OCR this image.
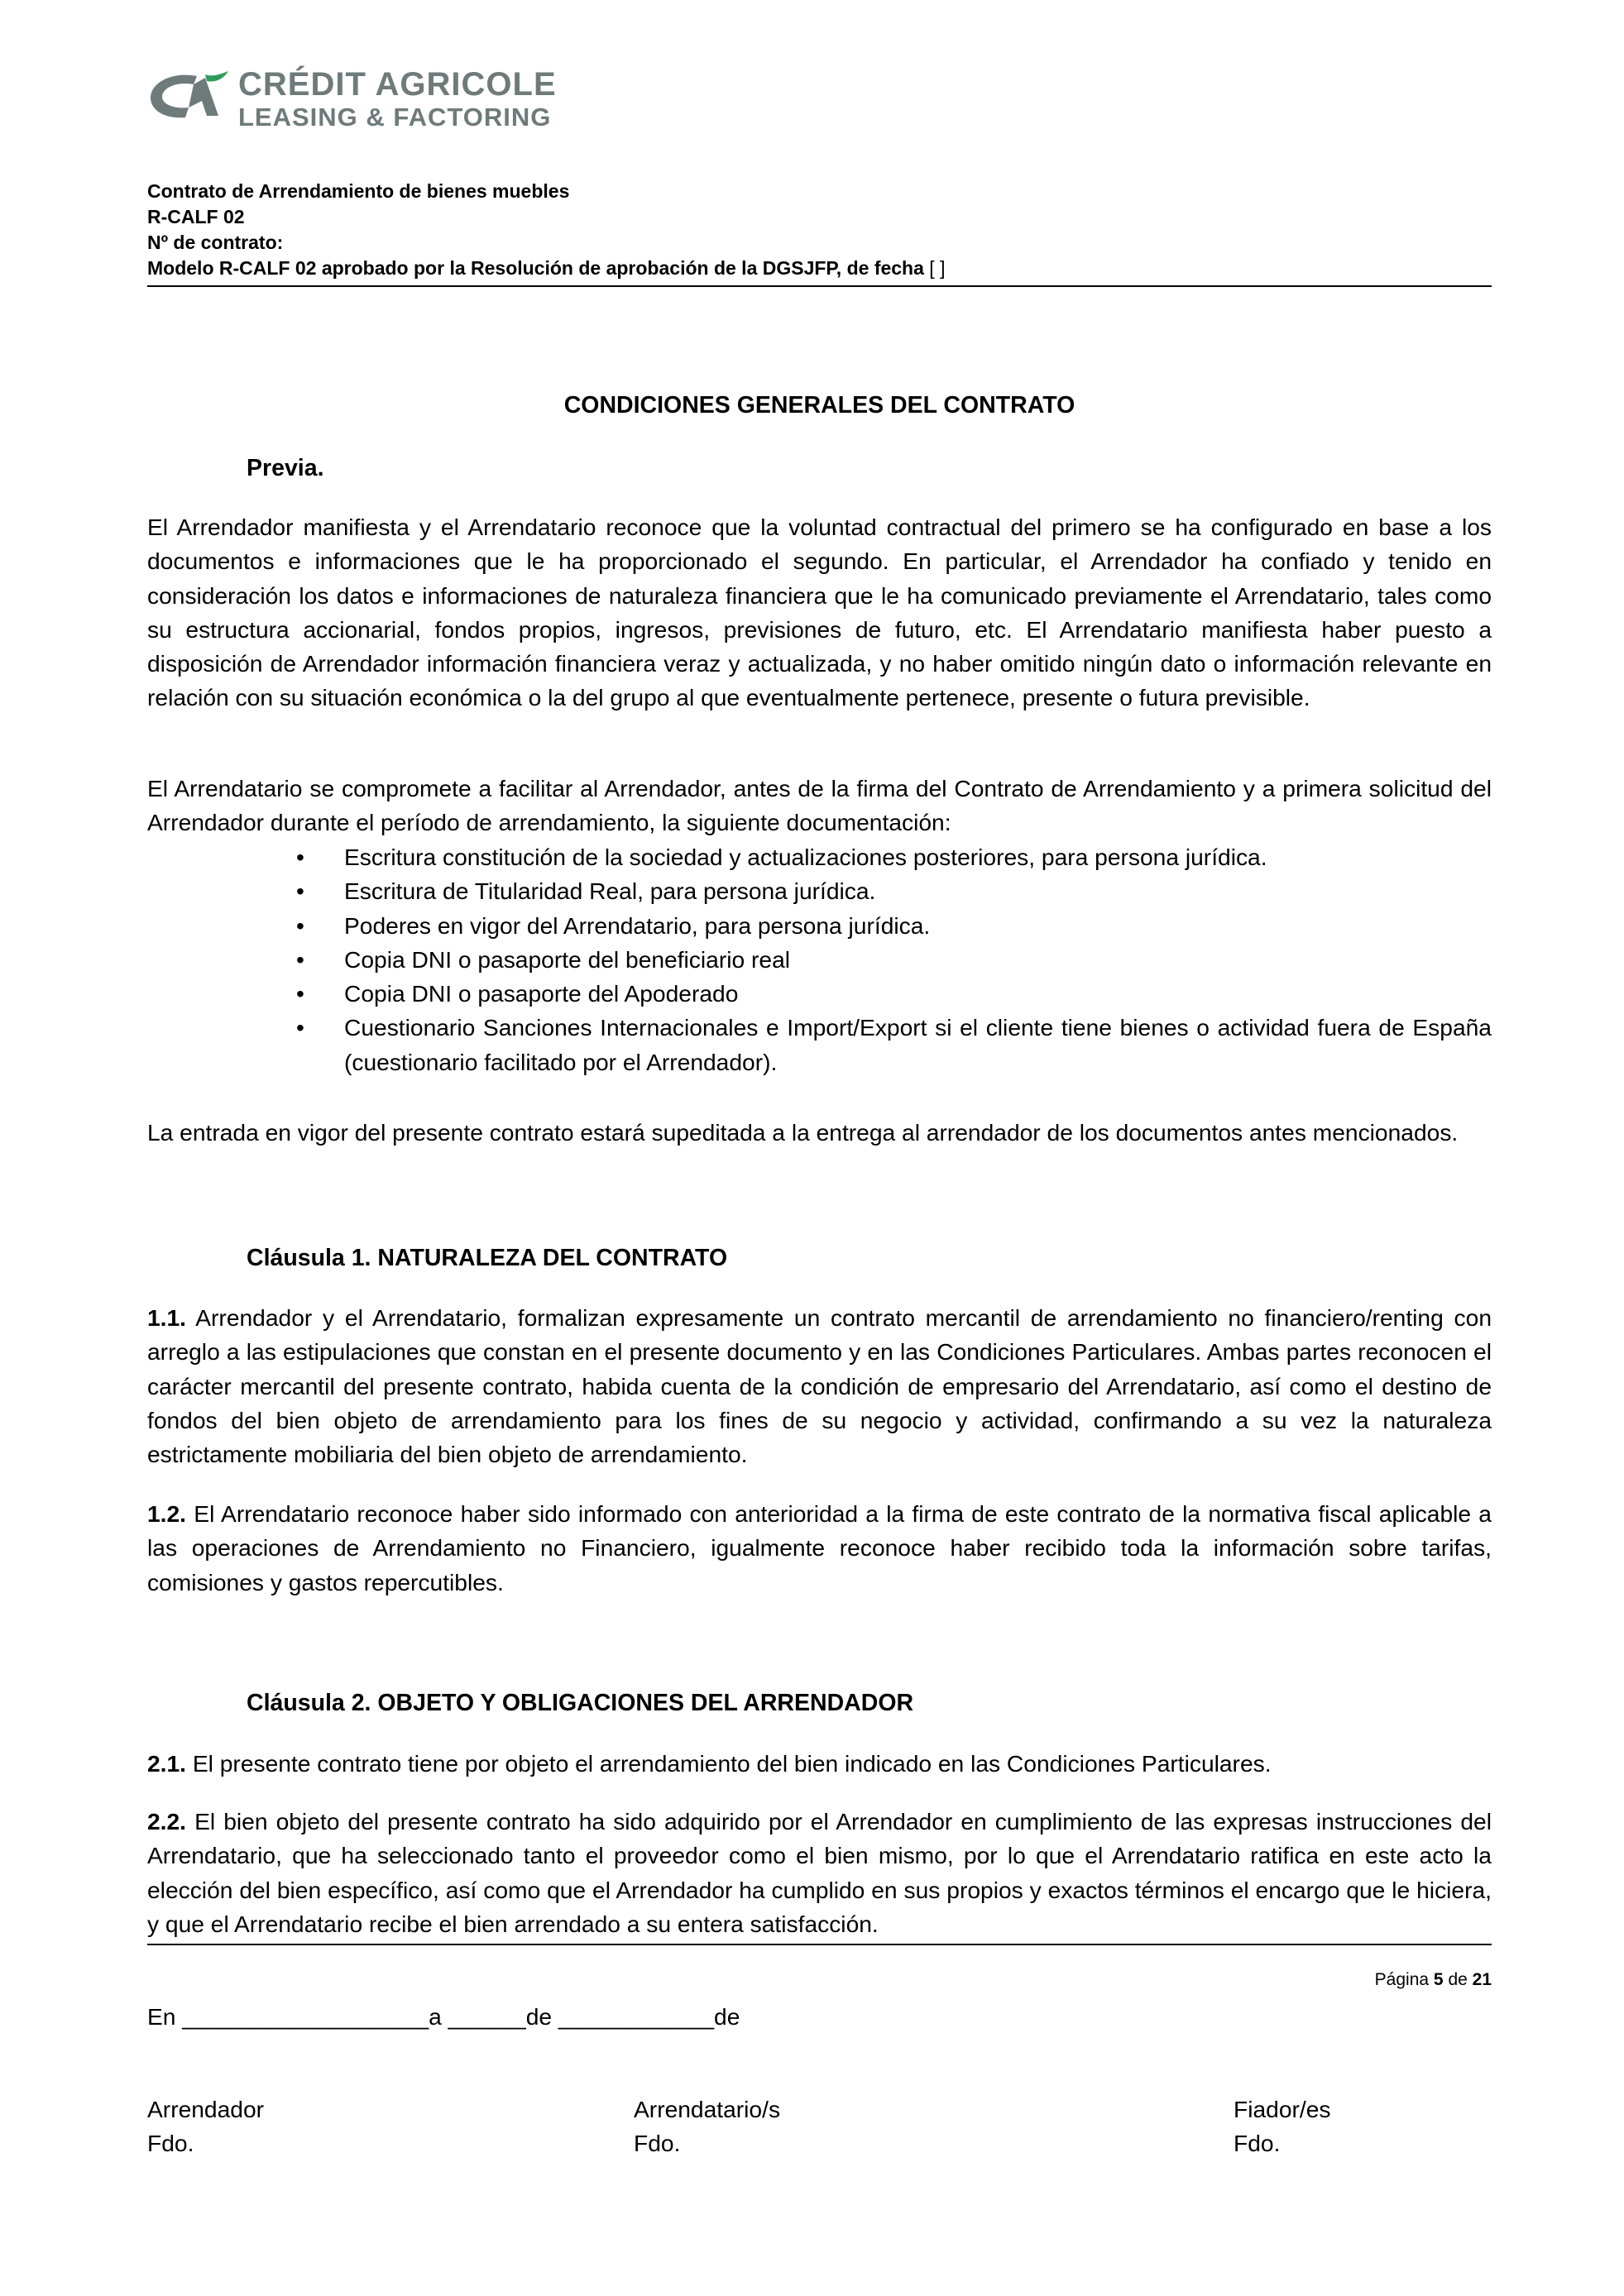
CRÉDIT AGRICOLE
LEASING & FACTORING
Contrato de Arrendamiento de bienes muebles
R-CALF 02
Nº de contrato:
Modelo R-CALF 02 aprobado por la Resolución de aprobación de la DGSJFP, de fecha [ ]
CONDICIONES GENERALES DEL CONTRATO
Previa.
El Arrendador manifiesta y el Arrendatario reconoce que la voluntad contractual del primero se ha configurado en base a los documentos e informaciones que le ha proporcionado el segundo. En particular, el Arrendador ha confiado y tenido en consideración los datos e informaciones de naturaleza financiera que le ha comunicado previamente el Arrendatario, tales como su estructura accionarial, fondos propios, ingresos, previsiones de futuro, etc. El Arrendatario manifiesta haber puesto a disposición de Arrendador información financiera veraz y actualizada, y no haber omitido ningún dato o información relevante en relación con su situación económica o la del grupo al que eventualmente pertenece, presente o futura previsible.
El Arrendatario se compromete a facilitar al Arrendador, antes de la firma del Contrato de Arrendamiento y a primera solicitud del Arrendador durante el período de arrendamiento, la siguiente documentación:
• Escritura constitución de la sociedad y actualizaciones posteriores, para persona jurídica.
• Escritura de Titularidad Real, para persona jurídica.
• Poderes en vigor del Arrendatario, para persona jurídica.
• Copia DNI o pasaporte del beneficiario real
• Copia DNI o pasaporte del Apoderado
• Cuestionario Sanciones Internacionales e Import/Export si el cliente tiene bienes o actividad fuera de España (cuestionario facilitado por el Arrendador).
La entrada en vigor del presente contrato estará supeditada a la entrega al arrendador de los documentos antes mencionados.
Cláusula 1. NATURALEZA DEL CONTRATO
1.1. Arrendador y el Arrendatario, formalizan expresamente un contrato mercantil de arrendamiento no financiero/renting con arreglo a las estipulaciones que constan en el presente documento y en las Condiciones Particulares. Ambas partes reconocen el carácter mercantil del presente contrato, habida cuenta de la condición de empresario del Arrendatario, así como el destino de fondos del bien objeto de arrendamiento para los fines de su negocio y actividad, confirmando a su vez la naturaleza estrictamente mobiliaria del bien objeto de arrendamiento.
1.2. El Arrendatario reconoce haber sido informado con anterioridad a la firma de este contrato de la normativa fiscal aplicable a las operaciones de Arrendamiento no Financiero, igualmente reconoce haber recibido toda la información sobre tarifas, comisiones y gastos repercutibles.
Cláusula 2. OBJETO Y OBLIGACIONES DEL ARRENDADOR
2.1. El presente contrato tiene por objeto el arrendamiento del bien indicado en las Condiciones Particulares.
2.2. El bien objeto del presente contrato ha sido adquirido por el Arrendador en cumplimiento de las expresas instrucciones del Arrendatario, que ha seleccionado tanto el proveedor como el bien mismo, por lo que el Arrendatario ratifica en este acto la elección del bien específico, así como que el Arrendador ha cumplido en sus propios y exactos términos el encargo que le hiciera, y que el Arrendatario recibe el bien arrendado a su entera satisfacción.
Página 5 de 21
En ___________________a ______de ____________de
Arrendador
Fdo.
Arrendatario/s
Fdo.
Fiador/es
Fdo.
